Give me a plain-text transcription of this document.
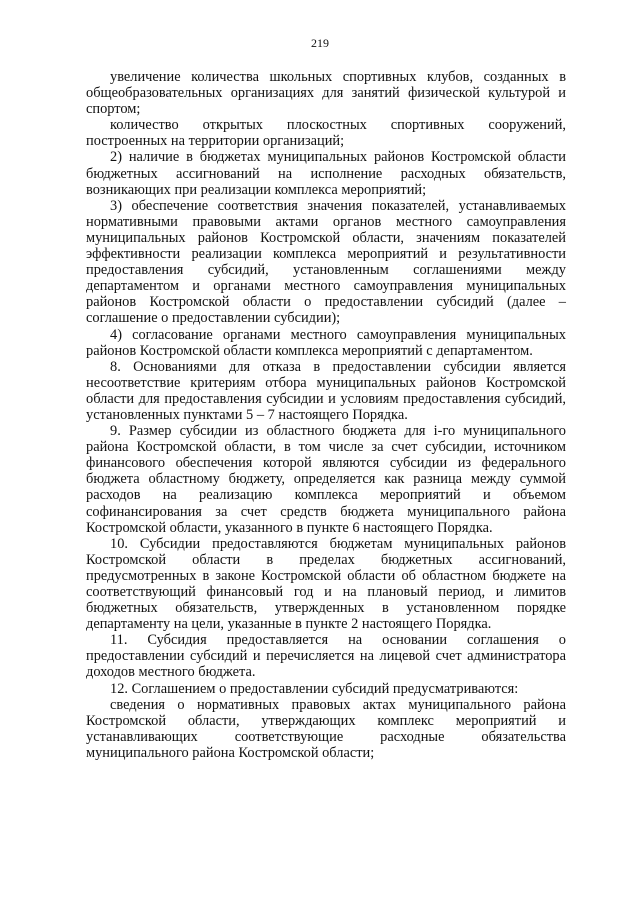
219

увеличение количества школьных спортивных клубов, созданных в общеобразовательных организациях для занятий физической культурой и спортом;

количество открытых плоскостных спортивных сооружений, построенных на территории организаций;

2) наличие в бюджетах муниципальных районов Костромской области бюджетных ассигнований на исполнение расходных обязательств, возникающих при реализации комплекса мероприятий;

3) обеспечение соответствия значения показателей, устанавливаемых нормативными правовыми актами органов местного самоуправления муниципальных районов Костромской области, значениям показателей эффективности реализации комплекса мероприятий и результативности предоставления субсидий, установленным соглашениями между департаментом и органами местного самоуправления муниципальных районов Костромской области о предоставлении субсидий (далее – соглашение о предоставлении субсидии);

4) согласование органами местного самоуправления муниципальных районов Костромской области комплекса мероприятий с департаментом.

8. Основаниями для отказа в предоставлении субсидии является несоответствие критериям отбора муниципальных районов Костромской области для предоставления субсидии и условиям предоставления субсидий, установленных пунктами 5 – 7 настоящего Порядка.

9. Размер субсидии из областного бюджета для i-го муниципального района Костромской области, в том числе за счет субсидии, источником финансового обеспечения которой являются субсидии из федерального бюджета областному бюджету, определяется как разница между суммой расходов на реализацию комплекса мероприятий и объемом софинансирования за счет средств бюджета муниципального района Костромской области, указанного в пункте 6 настоящего Порядка.

10. Субсидии предоставляются бюджетам муниципальных районов Костромской области в пределах бюджетных ассигнований, предусмотренных в законе Костромской области об областном бюджете на соответствующий финансовый год и на плановый период, и лимитов бюджетных обязательств, утвержденных в установленном порядке департаменту на цели, указанные в пункте 2 настоящего Порядка.

11. Субсидия предоставляется на основании соглашения о предоставлении субсидий и перечисляется на лицевой счет администратора доходов местного бюджета.

12. Соглашением о предоставлении субсидий предусматриваются:

сведения о нормативных правовых актах муниципального района Костромской области, утверждающих комплекс мероприятий и устанавливающих соответствующие расходные обязательства муниципального района Костромской области;
